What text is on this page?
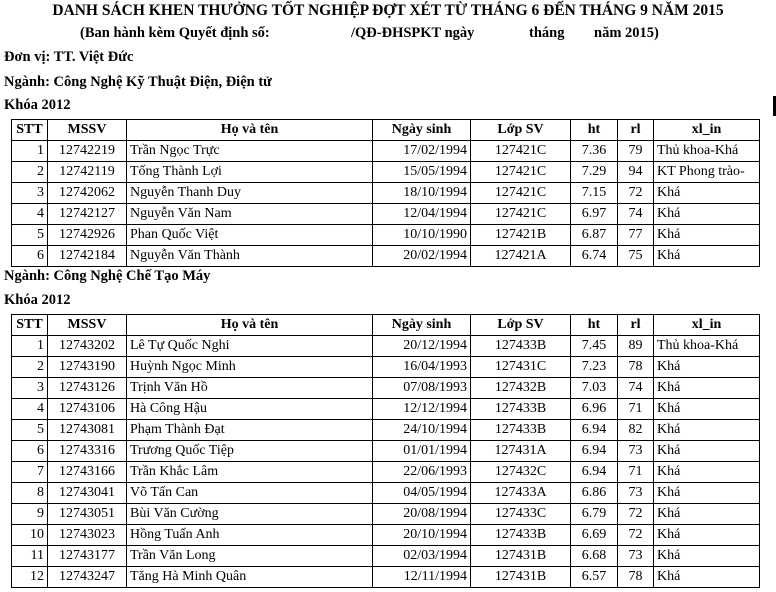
DANH SÁCH KHEN THƯỞNG TỐT NGHIỆP ĐỢT XÉT TỪ THÁNG 6 ĐẾN THÁNG 9 NĂM 2015
(Ban hành kèm Quyết định số:	/QĐ-ĐHSPKT ngày	tháng năm 2015)
Đơn vị: TT. Việt Đức
Ngành: Công Nghệ Kỹ Thuật Điện, Điện tử
Khóa 2012
STT	MSSV	Họ và tên	Ngày sinh	Lớp SV	ht	rl	xl_in
1	12742219	Trần Ngọc Trực	17/02/1994	127421C	7.36	79	Thủ khoa-Khá
2	12742119	Tống Thành Lợi	15/05/1994	127421C	7.29	94	KT Phong trào-
3	12742062	Nguyễn Thanh Duy	18/10/1994	127421C	7.15	72	Khá
4	12742127	Nguyễn Văn Nam	12/04/1994	127421C	6.97	74	Khá
5	12742926	Phan Quốc Việt	10/10/1990	127421B	6.87	77	Khá
6	12742184	Nguyễn Văn Thành	20/02/1994	127421A	6.74	75	Khá
Ngành: Công Nghệ Chế Tạo Máy
Khóa 2012
STT	MSSV	Họ và tên	Ngày sinh	Lớp SV	ht	rl	xl_in
1	12743202	Lê Tự Quốc Nghi	20/12/1994	127433B	7.45	89	Thủ khoa-Khá
2	12743190	Huỳnh Ngọc Minh	16/04/1993	127431C	7.23	78	Khá
3	12743126	Trịnh Văn Hồ	07/08/1993	127432B	7.03	74	Khá
4	12743106	Hà Công Hậu	12/12/1994	127433B	6.96	71	Khá
5	12743081	Phạm Thành Đạt	24/10/1994	127433B	6.94	82	Khá
6	12743316	Trương Quốc Tiệp	01/01/1994	127431A	6.94	73	Khá
7	12743166	Trần Khắc Lâm	22/06/1993	127432C	6.94	71	Khá
8	12743041	Võ Tấn Can	04/05/1994	127433A	6.86	73	Khá
9	12743051	Bùi Văn Cường	20/08/1994	127433C	6.79	72	Khá
10	12743023	Hồng Tuấn Anh	20/10/1994	127433B	6.69	72	Khá
11	12743177	Trần Văn Long	02/03/1994	127431B	6.68	73	Khá
12	12743247	Tăng Hà Minh Quân	12/11/1994	127431B	6.57	78	Khá
